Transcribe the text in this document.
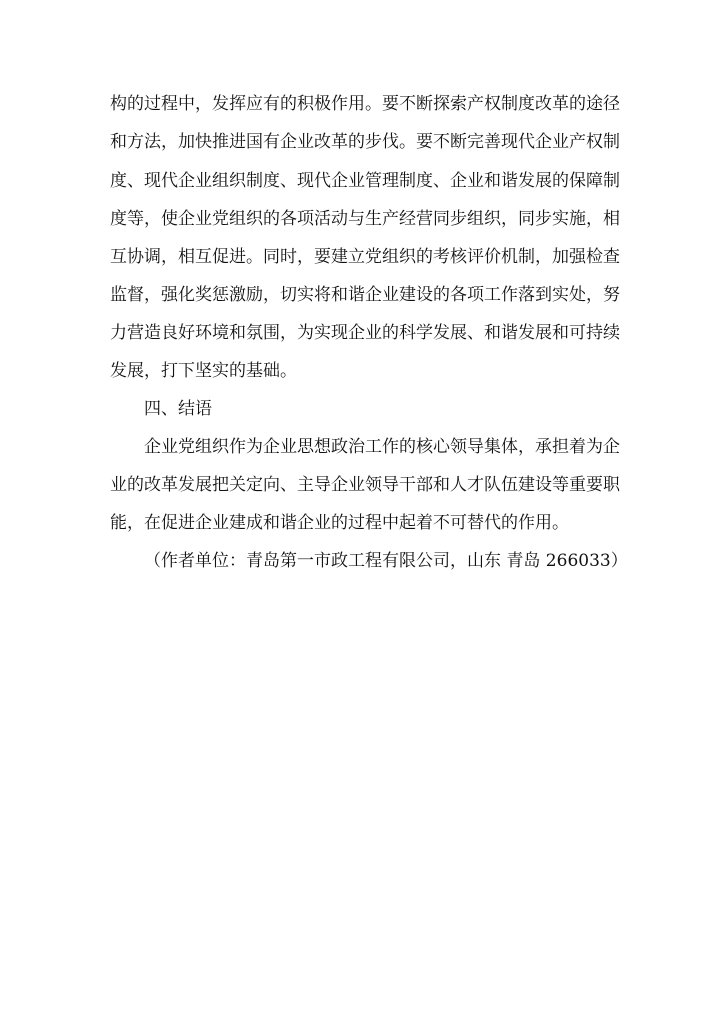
构的过程中，发挥应有的积极作用。要不断探索产权制度改革的途径
和方法，加快推进国有企业改革的步伐。要不断完善现代企业产权制
度、现代企业组织制度、现代企业管理制度、企业和谐发展的保障制
度等，使企业党组织的各项活动与生产经营同步组织，同步实施，相
互协调，相互促进。同时，要建立党组织的考核评价机制，加强检查
监督，强化奖惩激励，切实将和谐企业建设的各项工作落到实处，努
力营造良好环境和氛围，为实现企业的科学发展、和谐发展和可持续
发展，打下坚实的基础。
四、结语
企业党组织作为企业思想政治工作的核心领导集体，承担着为企
业的改革发展把关定向、主导企业领导干部和人才队伍建设等重要职
能，在促进企业建成和谐企业的过程中起着不可替代的作用。
（作者单位：青岛第一市政工程有限公司，山东 青岛 266033）
